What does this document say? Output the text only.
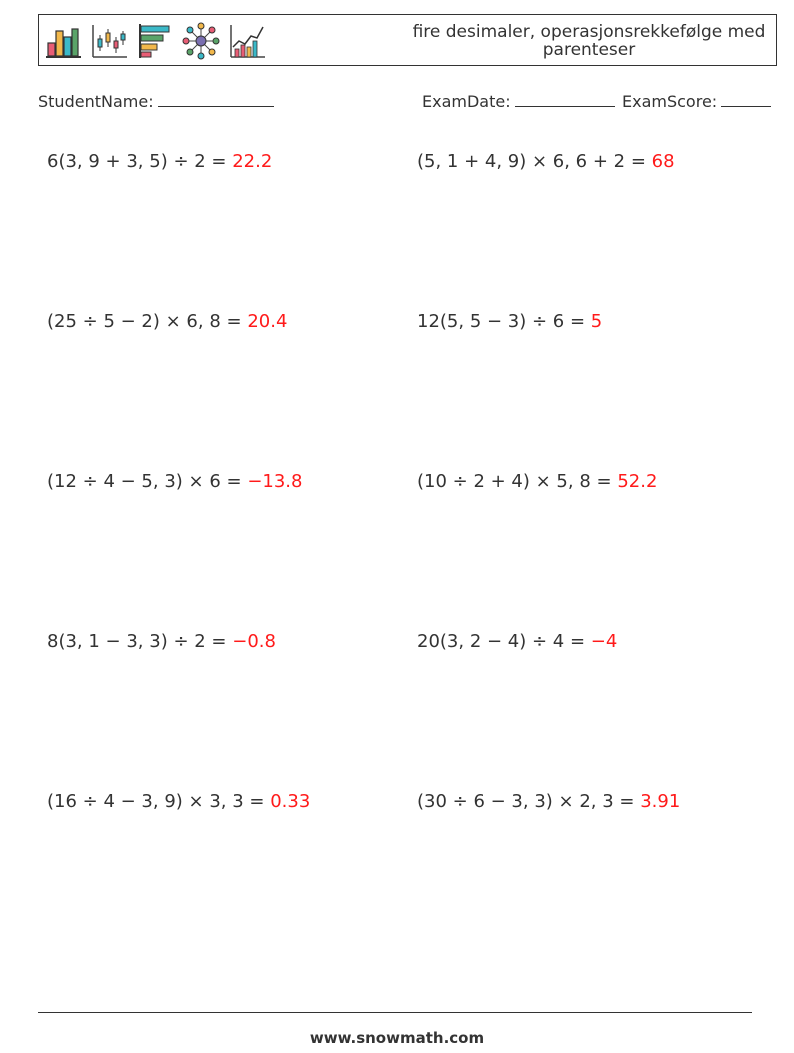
fire desimaler, operasjonsrekkefølge med parenteser
StudentName:	ExamDate:	ExamScore:
6(3, 9 + 3, 5) ÷ 2 = 22.2	(5, 1 + 4, 9) × 6, 6 + 2 = 68
(25 ÷ 5 − 2) × 6, 8 = 20.4	12(5, 5 − 3) ÷ 6 = 5
(12 ÷ 4 − 5, 3) × 6 = −13.8	(10 ÷ 2 + 4) × 5, 8 = 52.2
8(3, 1 − 3, 3) ÷ 2 = −0.8	20(3, 2 − 4) ÷ 4 = −4
(16 ÷ 4 − 3, 9) × 3, 3 = 0.33	(30 ÷ 6 − 3, 3) × 2, 3 = 3.91
www.snowmath.com
